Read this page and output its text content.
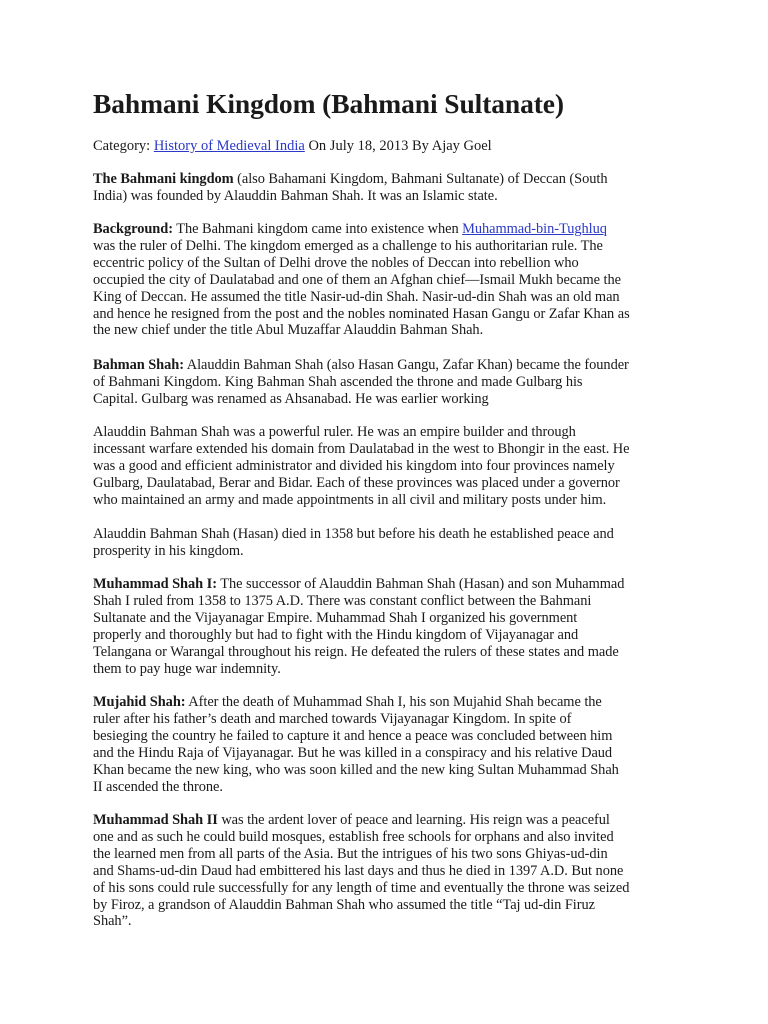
Bahmani Kingdom (Bahmani Sultanate)
Category: History of Medieval India On July 18, 2013 By Ajay Goel
The Bahmani kingdom (also Bahamani Kingdom, Bahmani Sultanate) of Deccan (South
India) was founded by Alauddin Bahman Shah. It was an Islamic state.
Background: The Bahmani kingdom came into existence when Muhammad-bin-Tughluq
was the ruler of Delhi. The kingdom emerged as a challenge to his authoritarian rule. The
eccentric policy of the Sultan of Delhi drove the nobles of Deccan into rebellion who
occupied the city of Daulatabad and one of them an Afghan chief—Ismail Mukh became the
King of Deccan. He assumed the title Nasir-ud-din Shah. Nasir-ud-din Shah was an old man
and hence he resigned from the post and the nobles nominated Hasan Gangu or Zafar Khan as
the new chief under the title Abul Muzaffar Alauddin Bahman Shah.
Bahman Shah: Alauddin Bahman Shah (also Hasan Gangu, Zafar Khan) became the founder
of Bahmani Kingdom. King Bahman Shah ascended the throne and made Gulbarg his
Capital. Gulbarg was renamed as Ahsanabad. He was earlier working
Alauddin Bahman Shah was a powerful ruler. He was an empire builder and through
incessant warfare extended his domain from Daulatabad in the west to Bhongir in the east. He
was a good and efficient administrator and divided his kingdom into four provinces namely
Gulbarg, Daulatabad, Berar and Bidar. Each of these provinces was placed under a governor
who maintained an army and made appointments in all civil and military posts under him.
Alauddin Bahman Shah (Hasan) died in 1358 but before his death he established peace and
prosperity in his kingdom.
Muhammad Shah I: The successor of Alauddin Bahman Shah (Hasan) and son Muhammad
Shah I ruled from 1358 to 1375 A.D. There was constant conflict between the Bahmani
Sultanate and the Vijayanagar Empire. Muhammad Shah I organized his government
properly and thoroughly but had to fight with the Hindu kingdom of Vijayanagar and
Telangana or Warangal throughout his reign. He defeated the rulers of these states and made
them to pay huge war indemnity.
Mujahid Shah: After the death of Muhammad Shah I, his son Mujahid Shah became the
ruler after his father’s death and marched towards Vijayanagar Kingdom. In spite of
besieging the country he failed to capture it and hence a peace was concluded between him
and the Hindu Raja of Vijayanagar. But he was killed in a conspiracy and his relative Daud
Khan became the new king, who was soon killed and the new king Sultan Muhammad Shah
II ascended the throne.
Muhammad Shah II was the ardent lover of peace and learning. His reign was a peaceful
one and as such he could build mosques, establish free schools for orphans and also invited
the learned men from all parts of the Asia. But the intrigues of his two sons Ghiyas-ud-din
and Shams-ud-din Daud had embittered his last days and thus he died in 1397 A.D. But none
of his sons could rule successfully for any length of time and eventually the throne was seized
by Firoz, a grandson of Alauddin Bahman Shah who assumed the title “Taj ud-din Firuz
Shah”.
